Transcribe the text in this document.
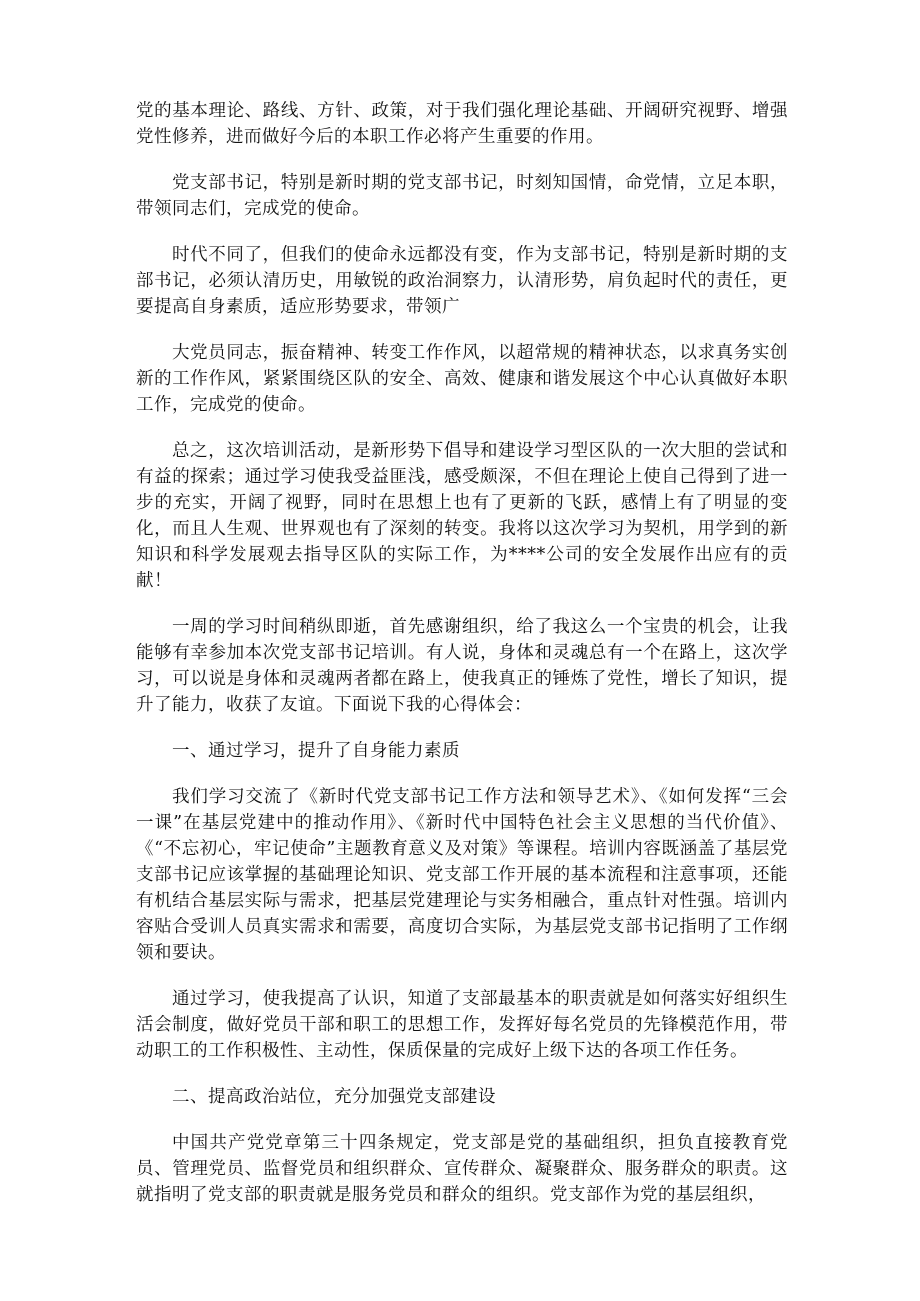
党的基本理论、路线、方针、政策，对于我们强化理论基础、开阔研究视野、增强党性修养，进而做好今后的本职工作必将产生重要的作用。

党支部书记，特别是新时期的党支部书记，时刻知国情，命党情，立足本职，带领同志们，完成党的使命。

时代不同了，但我们的使命永远都没有变，作为支部书记，特别是新时期的支部书记，必须认清历史，用敏锐的政治洞察力，认清形势，肩负起时代的责任，更要提高自身素质，适应形势要求，带领广

大党员同志，振奋精神、转变工作作风，以超常规的精神状态，以求真务实创新的工作作风，紧紧围绕区队的安全、高效、健康和谐发展这个中心认真做好本职工作，完成党的使命。

总之，这次培训活动，是新形势下倡导和建设学习型区队的一次大胆的尝试和有益的探索；通过学习使我受益匪浅，感受颇深，不但在理论上使自己得到了进一步的充实，开阔了视野，同时在思想上也有了更新的飞跃，感情上有了明显的变化，而且人生观、世界观也有了深刻的转变。我将以这次学习为契机，用学到的新知识和科学发展观去指导区队的实际工作，为****公司的安全发展作出应有的贡献！

一周的学习时间稍纵即逝，首先感谢组织，给了我这么一个宝贵的机会，让我能够有幸参加本次党支部书记培训。有人说，身体和灵魂总有一个在路上，这次学习，可以说是身体和灵魂两者都在路上，使我真正的锤炼了党性，增长了知识，提升了能力，收获了友谊。下面说下我的心得体会：

一、通过学习，提升了自身能力素质

我们学习交流了《新时代党支部书记工作方法和领导艺术》、《如何发挥“三会一课”在基层党建中的推动作用》、《新时代中国特色社会主义思想的当代价值》、《“不忘初心，牢记使命”主题教育意义及对策》等课程。培训内容既涵盖了基层党支部书记应该掌握的基础理论知识、党支部工作开展的基本流程和注意事项，还能有机结合基层实际与需求，把基层党建理论与实务相融合，重点针对性强。培训内容贴合受训人员真实需求和需要，高度切合实际，为基层党支部书记指明了工作纲领和要诀。

通过学习，使我提高了认识，知道了支部最基本的职责就是如何落实好组织生活会制度，做好党员干部和职工的思想工作，发挥好每名党员的先锋模范作用，带动职工的工作积极性、主动性，保质保量的完成好上级下达的各项工作任务。

二、提高政治站位，充分加强党支部建设

中国共产党党章第三十四条规定，党支部是党的基础组织，担负直接教育党员、管理党员、监督党员和组织群众、宣传群众、凝聚群众、服务群众的职责。这就指明了党支部的职责就是服务党员和群众的组织。党支部作为党的基层组织，
